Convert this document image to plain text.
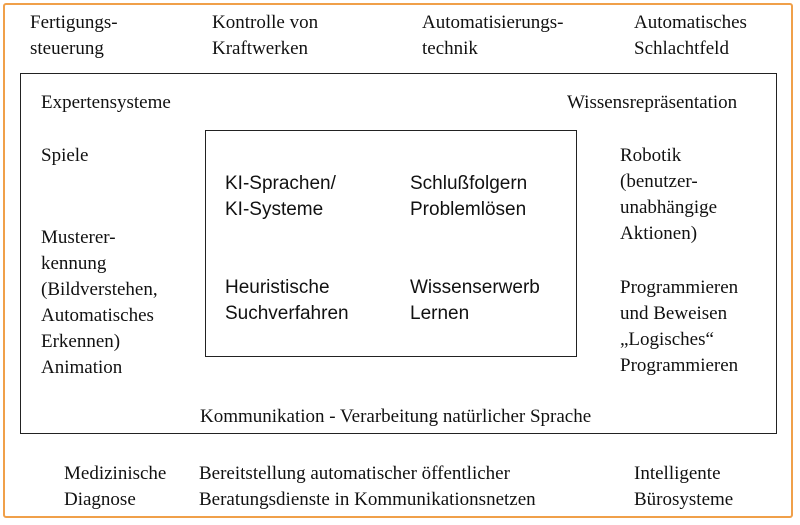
Fertigungs-
steuerung

Kontrolle von
Kraftwerken

Automatisierungs-
technik

Automatisches
Schlachtfeld

Expertensysteme	Wissensrepräsentation

Spiele

Musterer-
kennung
(Bildverstehen,
Automatisches
Erkennen)
Animation

Robotik
(benutzer-
unabhängige
Aktionen)

Programmieren
und Beweisen
„Logisches“
Programmieren

Kommunikation - Verarbeitung natürlicher Sprache

KI-Sprachen/
KI-Systeme

Schlußfolgern
Problemlösen

Heuristische
Suchverfahren

Wissenserwerb
Lernen

Medizinische
Diagnose

Bereitstellung automatischer öffentlicher
Beratungsdienste in Kommunikationsnetzen

Intelligente
Bürosysteme
